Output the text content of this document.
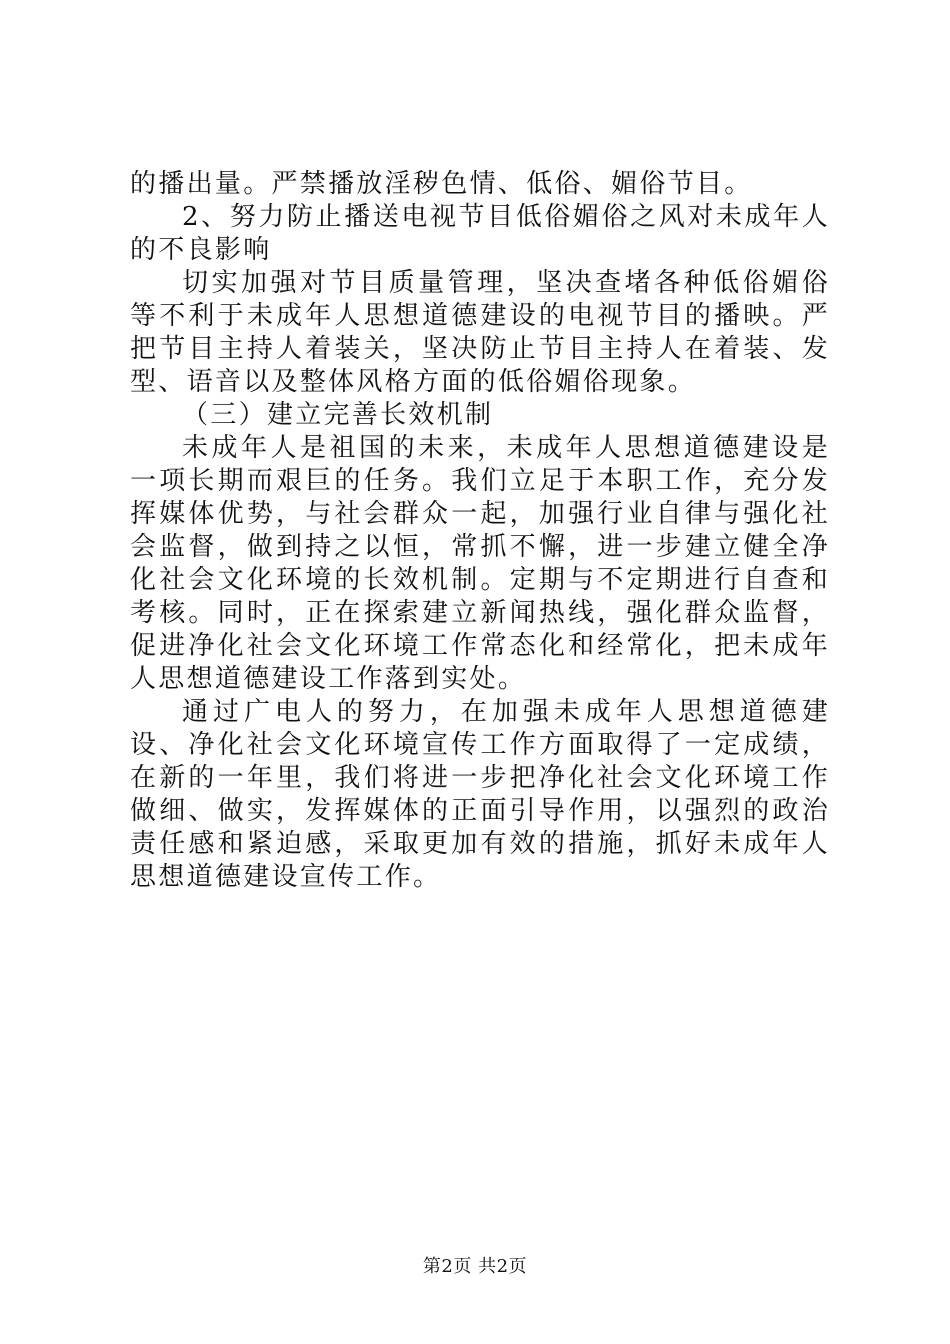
的播出量。严禁播放淫秽色情、低俗、媚俗节目。

2、努力防止播送电视节目低俗媚俗之风对未成年人的不良影响

切实加强对节目质量管理，坚决查堵各种低俗媚俗等不利于未成年人思想道德建设的电视节目的播映。严把节目主持人着装关，坚决防止节目主持人在着装、发型、语音以及整体风格方面的低俗媚俗现象。

（三）建立完善长效机制

未成年人是祖国的未来，未成年人思想道德建设是一项长期而艰巨的任务。我们立足于本职工作，充分发挥媒体优势，与社会群众一起，加强行业自律与强化社会监督，做到持之以恒，常抓不懈，进一步建立健全净化社会文化环境的长效机制。定期与不定期进行自查和考核。同时，正在探索建立新闻热线，强化群众监督，促进净化社会文化环境工作常态化和经常化，把未成年人思想道德建设工作落到实处。

通过广电人的努力，在加强未成年人思想道德建设、净化社会文化环境宣传工作方面取得了一定成绩，在新的一年里，我们将进一步把净化社会文化环境工作做细、做实，发挥媒体的正面引导作用，以强烈的政治责任感和紧迫感，采取更加有效的措施，抓好未成年人思想道德建设宣传工作。

第2页 共2页
